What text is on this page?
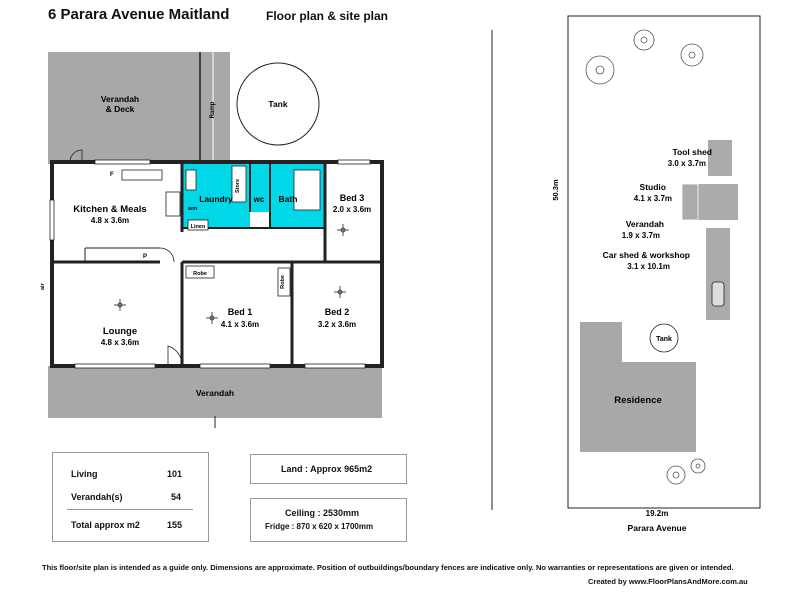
6 Parara Avenue Maitland	Floor plan & site plan
Verandah
& Deck	Ramp	Tank
Verandah
Kitchen & Meals
4.8 x 3.6m
F
P
wm
air
Laundry
Store
wc Bath
Linen
Robe
Robe
Bed 3
2.0 x 3.6m
Lounge
4.8 x 3.6m
Bed 1
4.1 x 3.6m
Bed 2
3.2 x 3.6m
50.3m
19.2m
Parara Avenue
Tool shed
3.0 x 3.7m
Studio
4.1 x 3.7m
Verandah
1.9 x 3.7m
Car shed & workshop
3.1 x 10.1m
Tank
Residence
Living	101
Verandah(s)	54
Total approx m2	155
Land : Approx 965m2
Ceiling : 2530mm
Fridge : 870 x 620 x 1700mm
This floor/site plan is intended as a guide only. Dimensions are approximate. Position of outbuildings/boundary fences are indicative only. No warranties or representations are given or intended.
Created by www.FloorPlansAndMore.com.au
